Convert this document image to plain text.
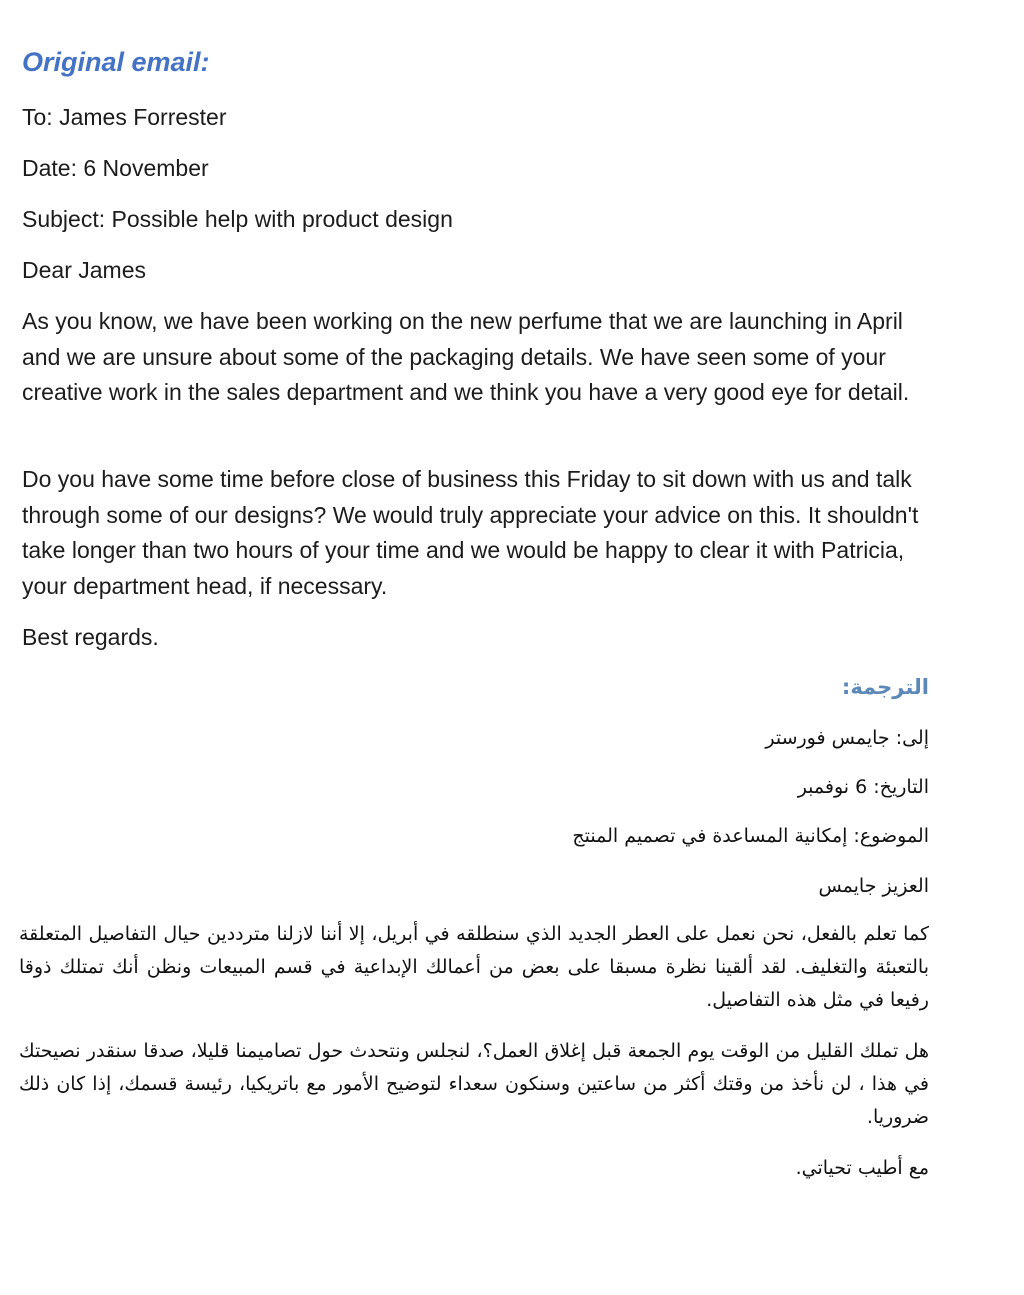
Original email:
To: James Forrester
Date: 6 November
Subject: Possible help with product design
Dear James
As you know, we have been working on the new perfume that we are launching in April and we are unsure about some of the packaging details. We have seen some of your creative work in the sales department and we think you have a very good eye for detail.
Do you have some time before close of business this Friday to sit down with us and talk through some of our designs? We would truly appreciate your advice on this. It shouldn't take longer than two hours of your time and we would be happy to clear it with Patricia, your department head, if necessary.
Best regards.
الترجمة:
إلى: جايمس فورستر
التاريخ: 6 نوفمبر
الموضوع: إمكانية المساعدة في تصميم المنتج
العزيز جايمس
كما تعلم بالفعل، نحن نعمل على العطر الجديد الذي سنطلقه في أبريل، إلا أننا لازلنا مترددين حيال التفاصيل المتعلقة بالتعبئة والتغليف. لقد ألقينا نظرة مسبقا على بعض من أعمالك الإبداعية في قسم المبيعات ونظن أنك تمتلك ذوقا رفيعا في مثل هذه التفاصيل.
هل تملك القليل من الوقت يوم الجمعة قبل إغلاق العمل؟، لنجلس ونتحدث حول تصاميمنا قليلا، صدقا سنقدر نصيحتك في هذا ، لن نأخذ من وقتك أكثر من ساعتين وسنكون سعداء لتوضيح الأمور مع باتريكيا، رئيسة قسمك، إذا كان ذلك ضروريا.
مع أطيب تحياتي.
